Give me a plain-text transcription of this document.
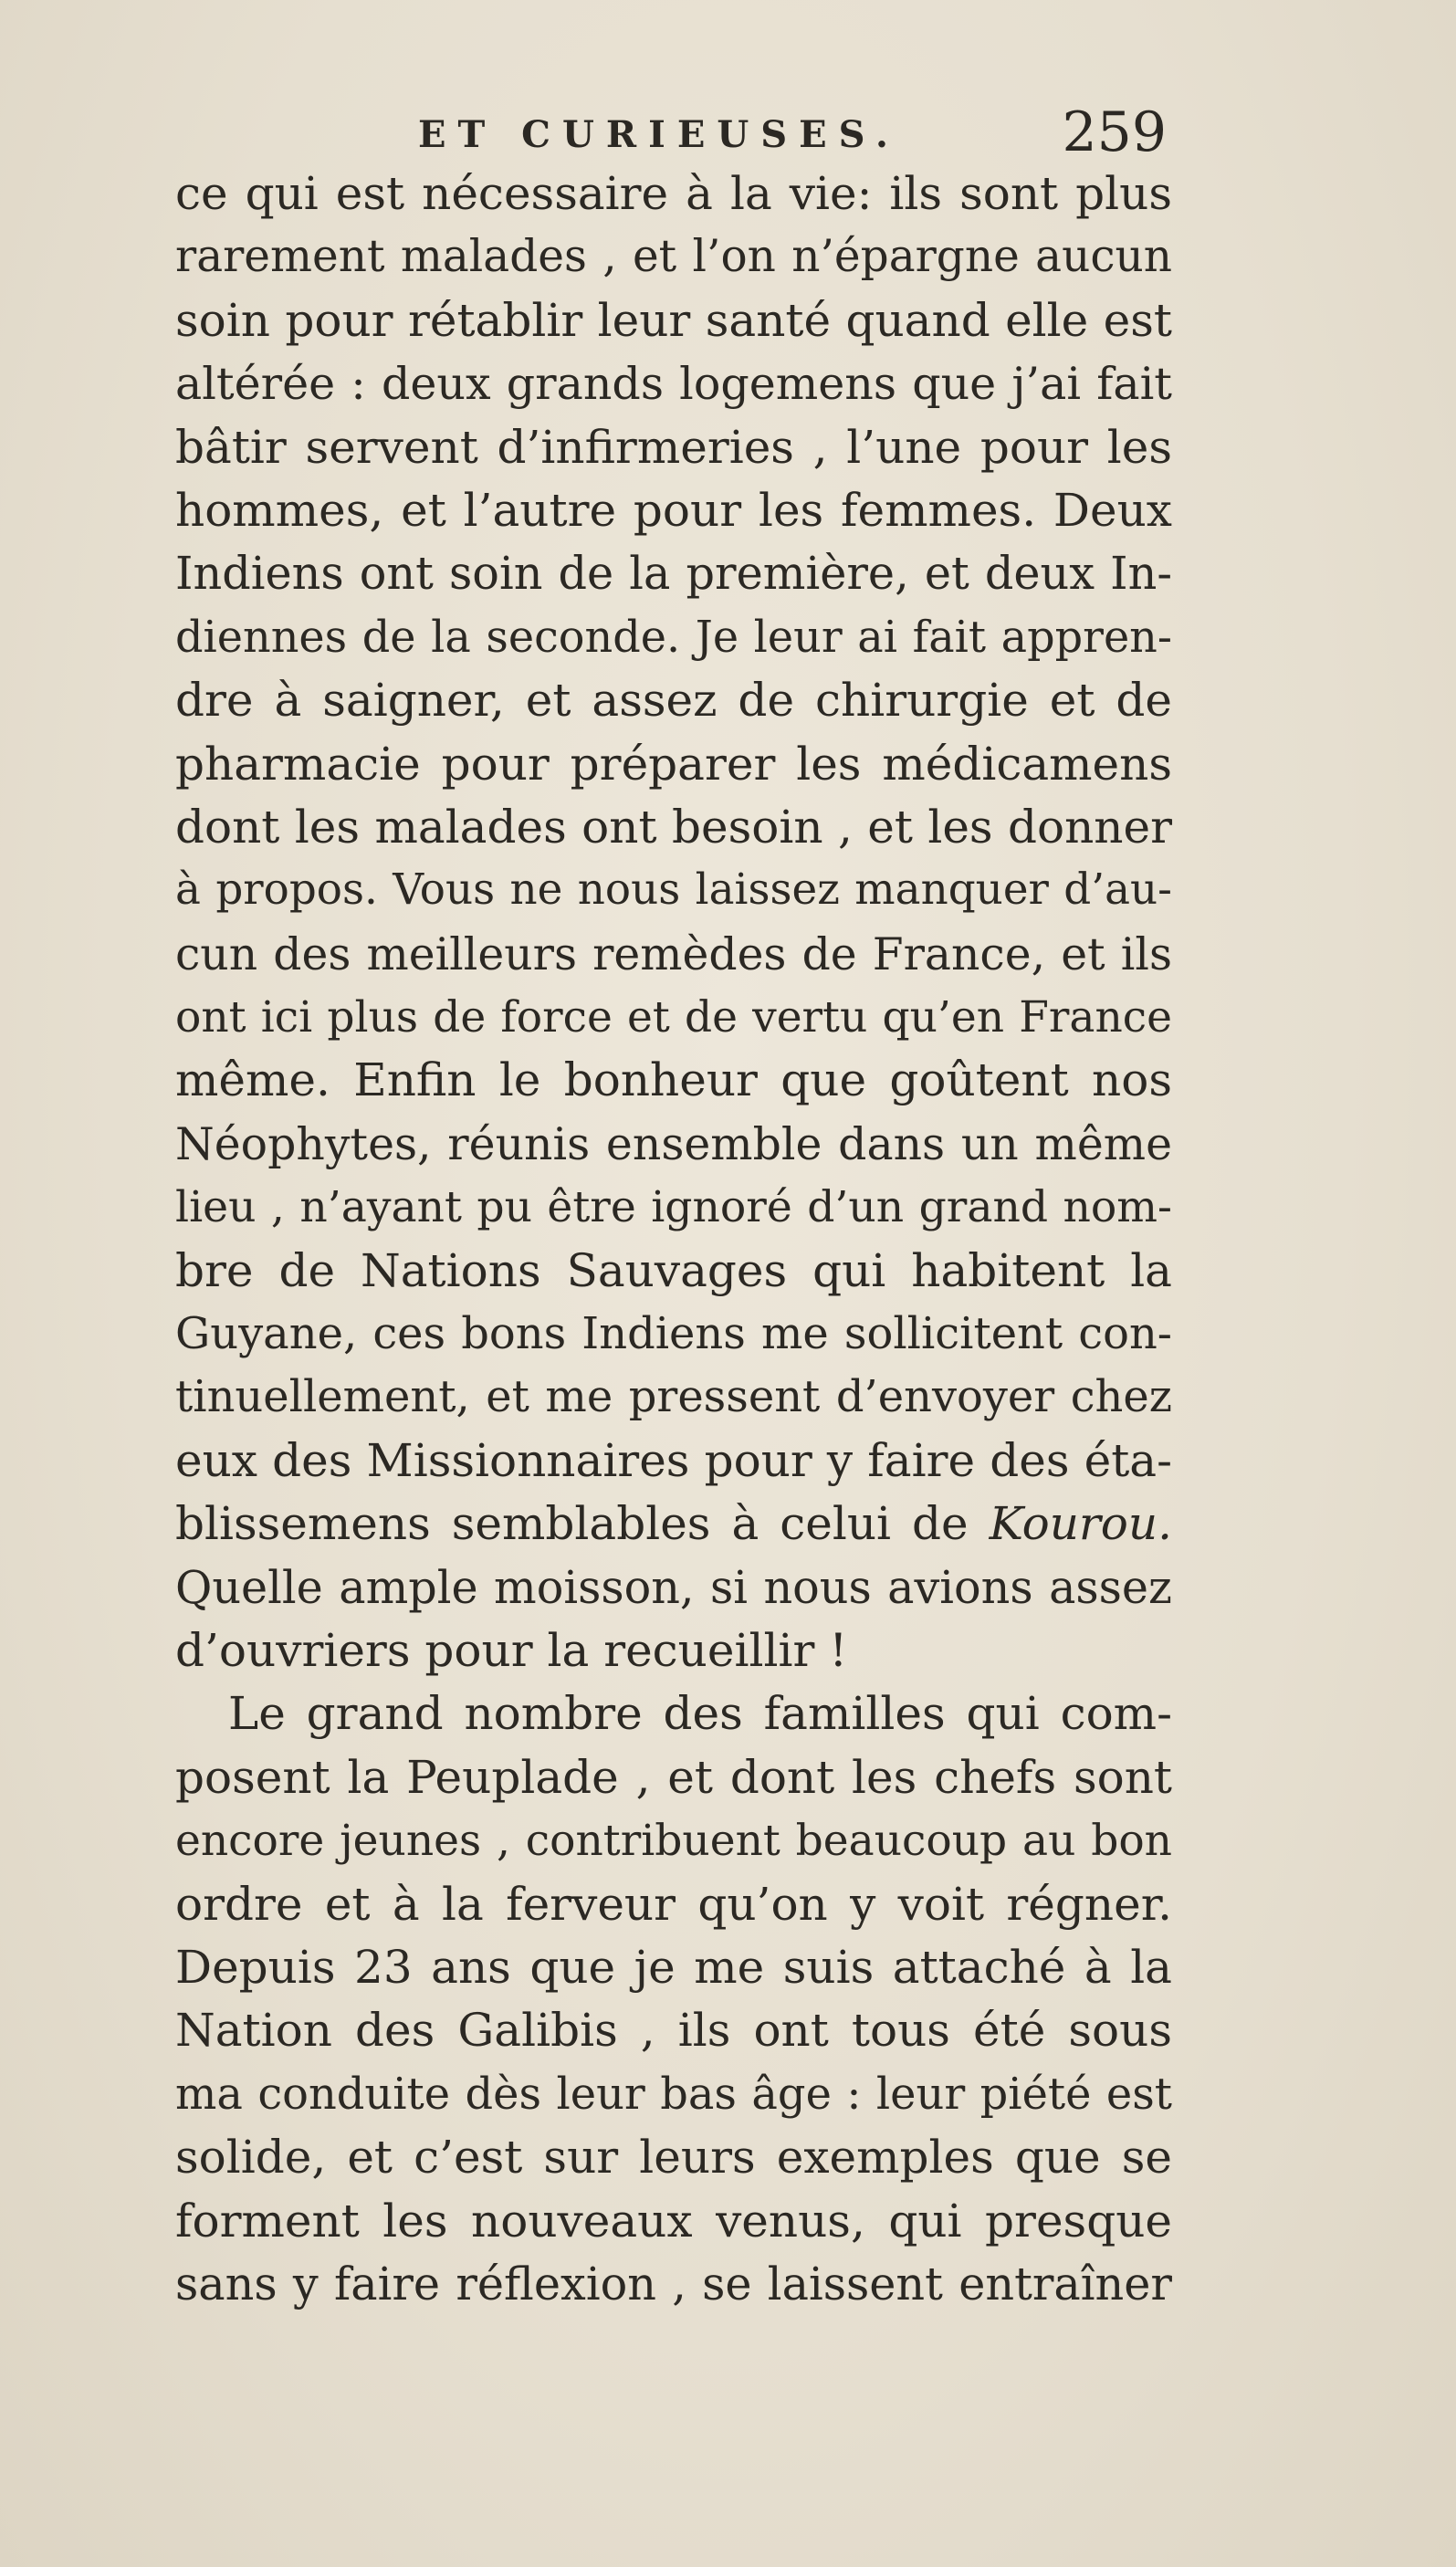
ET CURIEUSES.	259
ce qui est nécessaire à la vie: ils sont plus
rarement malades , et l’on n’épargne aucun
soin pour rétablir leur santé quand elle est
altérée : deux grands logemens que j’ai fait
bâtir servent d’infirmeries , l’une pour les
hommes, et l’autre pour les femmes. Deux
Indiens ont soin de la première, et deux In-
diennes de la seconde. Je leur ai fait appren-
dre à saigner, et assez de chirurgie et de
pharmacie pour préparer les médicamens
dont les malades ont besoin , et les donner
à propos. Vous ne nous laissez manquer d’au-
cun des meilleurs remèdes de France, et ils
ont ici plus de force et de vertu qu’en France
même. Enfin le bonheur que goûtent nos
Néophytes, réunis ensemble dans un même
lieu , n’ayant pu être ignoré d’un grand nom-
bre de Nations Sauvages qui habitent la
Guyane, ces bons Indiens me sollicitent con-
tinuellement, et me pressent d’envoyer chez
eux des Missionnaires pour y faire des éta-
blissemens semblables à celui de Kourou.
Quelle ample moisson, si nous avions assez
d’ouvriers pour la recueillir !
Le grand nombre des familles qui com-
posent la Peuplade , et dont les chefs sont
encore jeunes , contribuent beaucoup au bon
ordre et à la ferveur qu’on y voit régner.
Depuis 23 ans que je me suis attaché à la
Nation des Galibis , ils ont tous été sous
ma conduite dès leur bas âge : leur piété est
solide, et c’est sur leurs exemples que se
forment les nouveaux venus, qui presque
sans y faire réflexion , se laissent entraîner
